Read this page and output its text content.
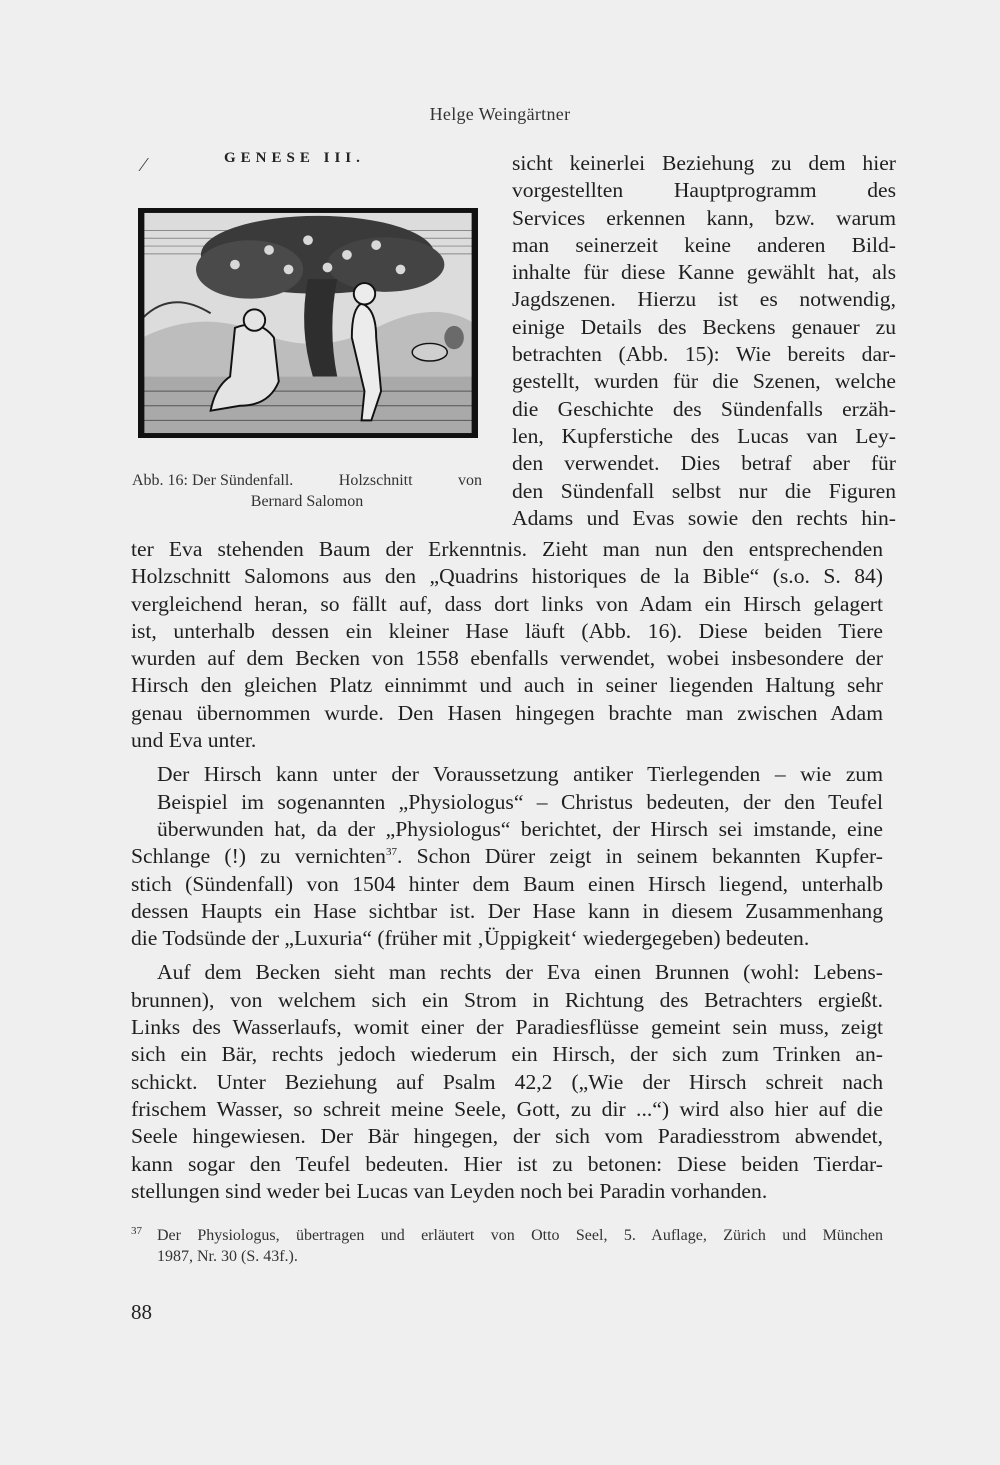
Helge Weingärtner
⁄	GENESE III.
Abb. 16: Der Sündenfall.	Holzschnitt	von
Bernard Salomon
sicht keinerlei Beziehung zu dem hier
vorgestellten Hauptprogramm des
Services erkennen kann, bzw. warum
man seinerzeit keine anderen Bild-
inhalte für diese Kanne gewählt hat, als
Jagdszenen. Hierzu ist es notwendig,
einige Details des Beckens genauer zu
betrachten (Abb. 15): Wie bereits dar-
gestellt, wurden für die Szenen, welche
die Geschichte des Sündenfalls erzäh-
len, Kupferstiche des Lucas van Ley-
den verwendet. Dies betraf aber für
den Sündenfall selbst nur die Figuren
Adams und Evas sowie den rechts hin-
ter Eva stehenden Baum der Erkenntnis. Zieht man nun den entsprechenden
Holzschnitt Salomons aus den „Quadrins historiques de la Bible“ (s.o. S. 84)
vergleichend heran, so fällt auf, dass dort links von Adam ein Hirsch gelagert
ist, unterhalb dessen ein kleiner Hase läuft (Abb. 16). Diese beiden Tiere
wurden auf dem Becken von 1558 ebenfalls verwendet, wobei insbesondere der
Hirsch den gleichen Platz einnimmt und auch in seiner liegenden Haltung sehr
genau übernommen wurde. Den Hasen hingegen brachte man zwischen Adam
und Eva unter.
Der Hirsch kann unter der Voraussetzung antiker Tierlegenden – wie zum
Beispiel im sogenannten „Physiologus“ – Christus bedeuten, der den Teufel
überwunden hat, da der „Physiologus“ berichtet, der Hirsch sei imstande, eine
Schlange (!) zu vernichten$^{37}$. Schon Dürer zeigt in seinem bekannten Kupfer-
stich (Sündenfall) von 1504 hinter dem Baum einen Hirsch liegend, unterhalb
dessen Haupts ein Hase sichtbar ist. Der Hase kann in diesem Zusammenhang
die Todsünde der „Luxuria“ (früher mit ‚Üppigkeit‘ wiedergegeben) bedeuten.
Auf dem Becken sieht man rechts der Eva einen Brunnen (wohl: Lebens-
brunnen), von welchem sich ein Strom in Richtung des Betrachters ergießt.
Links des Wasserlaufs, womit einer der Paradiesflüsse gemeint sein muss, zeigt
sich ein Bär, rechts jedoch wiederum ein Hirsch, der sich zum Trinken an-
schickt. Unter Beziehung auf Psalm 42,2 („Wie der Hirsch schreit nach
frischem Wasser, so schreit meine Seele, Gott, zu dir ...“) wird also hier auf die
Seele hingewiesen. Der Bär hingegen, der sich vom Paradiesstrom abwendet,
kann sogar den Teufel bedeuten. Hier ist zu betonen: Diese beiden Tierdar-
stellungen sind weder bei Lucas van Leyden noch bei Paradin vorhanden.
37 Der Physiologus, übertragen und erläutert von Otto Seel, 5. Auflage, Zürich und München
1987, Nr. 30 (S. 43f.).
88
